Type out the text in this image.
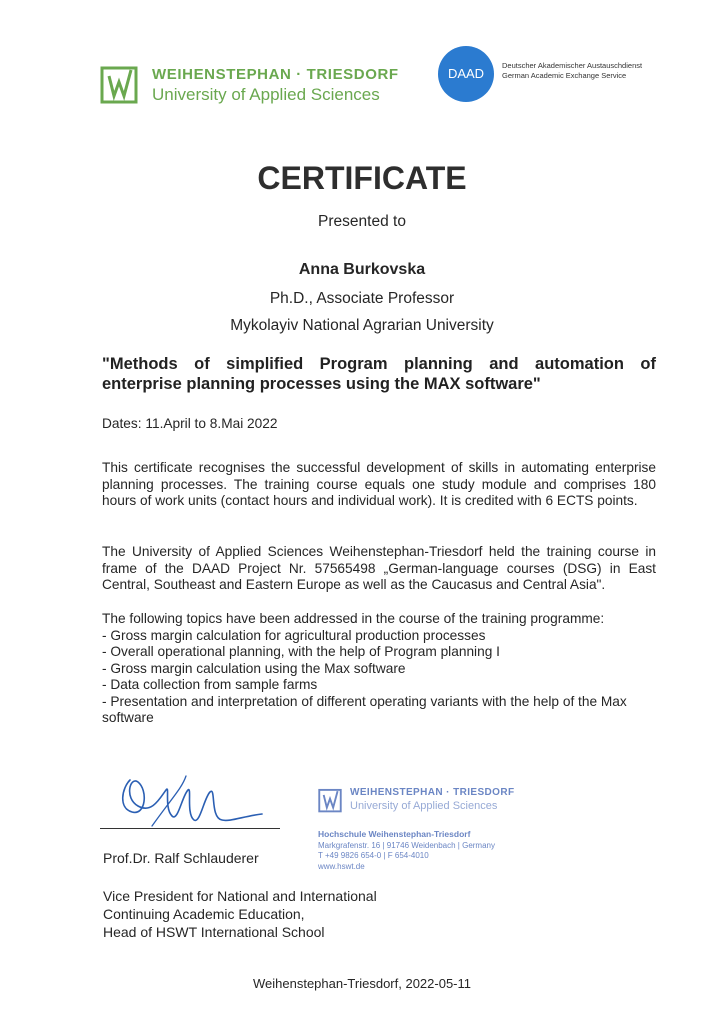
WEIHENSTEPHAN · TRIESDORF
University of Applied Sciences
DAAD
Deutscher Akademischer Austauschdienst
German Academic Exchange Service
CERTIFICATE
Presented to
Anna Burkovska
Ph.D., Associate Professor
Mykolayiv National Agrarian University
"Methods of simplified Program planning and automation of enterprise planning processes using the MAX software"
Dates: 11.April to 8.Mai 2022
This certificate recognises the successful development of skills in automating enterprise planning processes. The training course equals one study module and comprises 180 hours of work units (contact hours and individual work). It is credited with 6 ECTS points.
The University of Applied Sciences Weihenstephan-Triesdorf held the training course in frame of the DAAD Project Nr. 57565498 „German-language courses (DSG) in East Central, Southeast and Eastern Europe as well as the Caucasus and Central Asia".
The following topics have been addressed in the course of the training programme:
- Gross margin calculation for agricultural production processes
- Overall operational planning, with the help of Program planning I
- Gross margin calculation using the Max software
- Data collection from sample farms
- Presentation and interpretation of different operating variants with the help of the Max software
Prof.Dr. Ralf Schlauderer
Vice President for National and International
Continuing Academic Education,
Head of HSWT International School
WEIHENSTEPHAN · TRIESDORF
University of Applied Sciences
Hochschule Weihenstephan-Triesdorf
Markgrafenstr. 16 | 91746 Weidenbach | Germany
T +49 9826 654-0 | F 654-4010
www.hswt.de
Weihenstephan-Triesdorf, 2022-05-11
